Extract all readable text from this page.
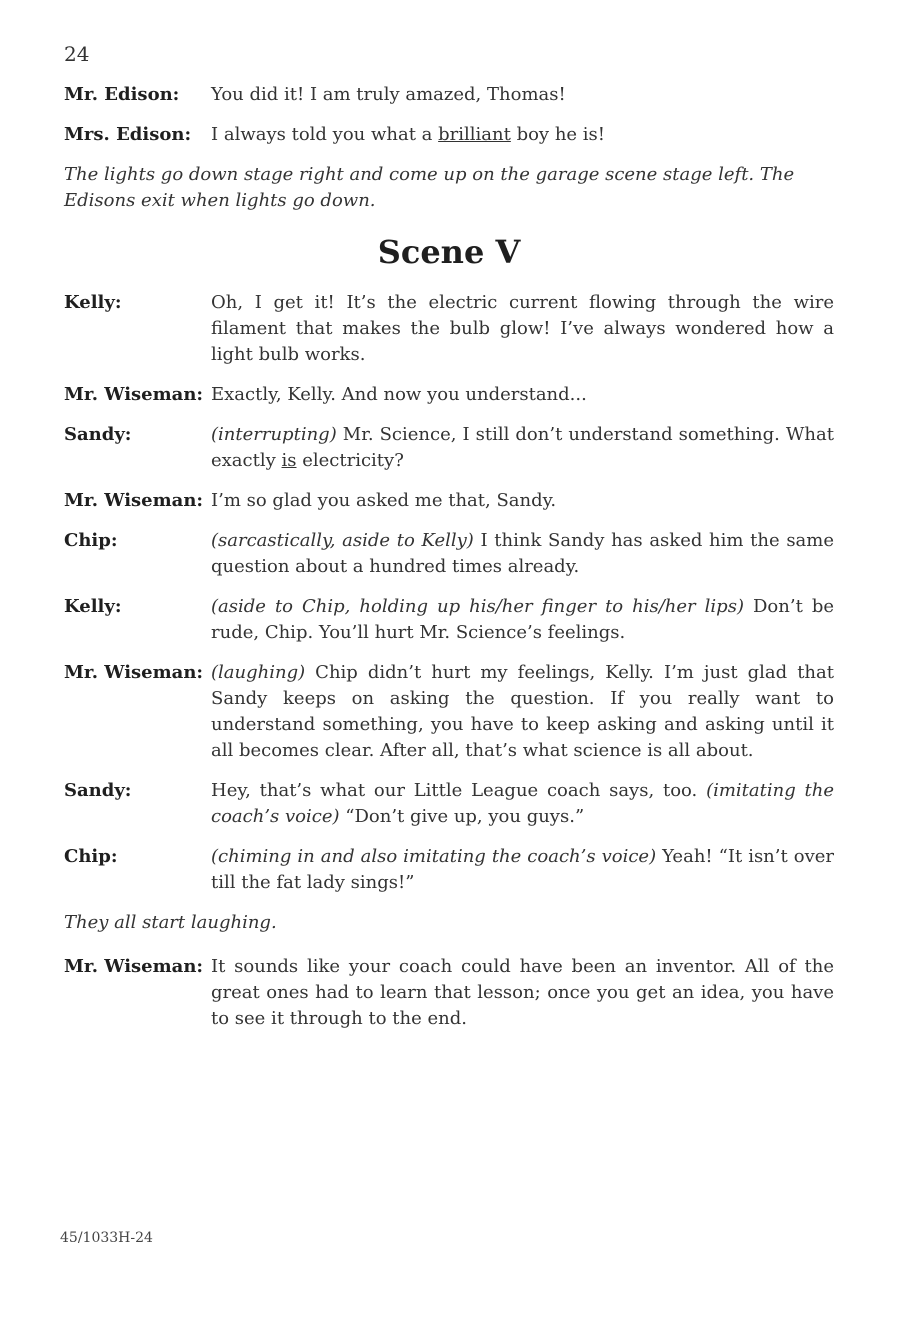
24
Mr. Edison:	You did it! I am truly amazed, Thomas!
Mrs. Edison:	I always told you what a brilliant boy he is!

The lights go down stage right and come up on the garage scene stage left. The Edisons exit when lights go down.

Scene V
Kelly:	Oh, I get it! It’s the electric current flowing through the wire filament that makes the bulb glow! I’ve always wondered how a light bulb works.
Mr. Wiseman: Exactly, Kelly. And now you understand...
Sandy:	(interrupting) Mr. Science, I still don’t understand something. What exactly is electricity?
Mr. Wiseman: I’m so glad you asked me that, Sandy.
Chip:	(sarcastically, aside to Kelly) I think Sandy has asked him the same question about a hundred times already.
Kelly:	(aside to Chip, holding up his/her finger to his/her lips) Don’t be rude, Chip. You’ll hurt Mr. Science’s feelings.
Mr. Wiseman: (laughing) Chip didn’t hurt my feelings, Kelly. I’m just glad that Sandy keeps on asking the question. If you really want to understand something, you have to keep asking and asking until it all becomes clear. After all, that’s what science is all about.
Sandy:	Hey, that’s what our Little League coach says, too. (imitating the coach’s voice) “Don’t give up, you guys.”
Chip:	(chiming in and also imitating the coach’s voice) Yeah! “It isn’t over till the fat lady sings!”

They all start laughing.

Mr. Wiseman: It sounds like your coach could have been an inventor. All of the great ones had to learn that lesson; once you get an idea, you have to see it through to the end.
45/1033H-24
